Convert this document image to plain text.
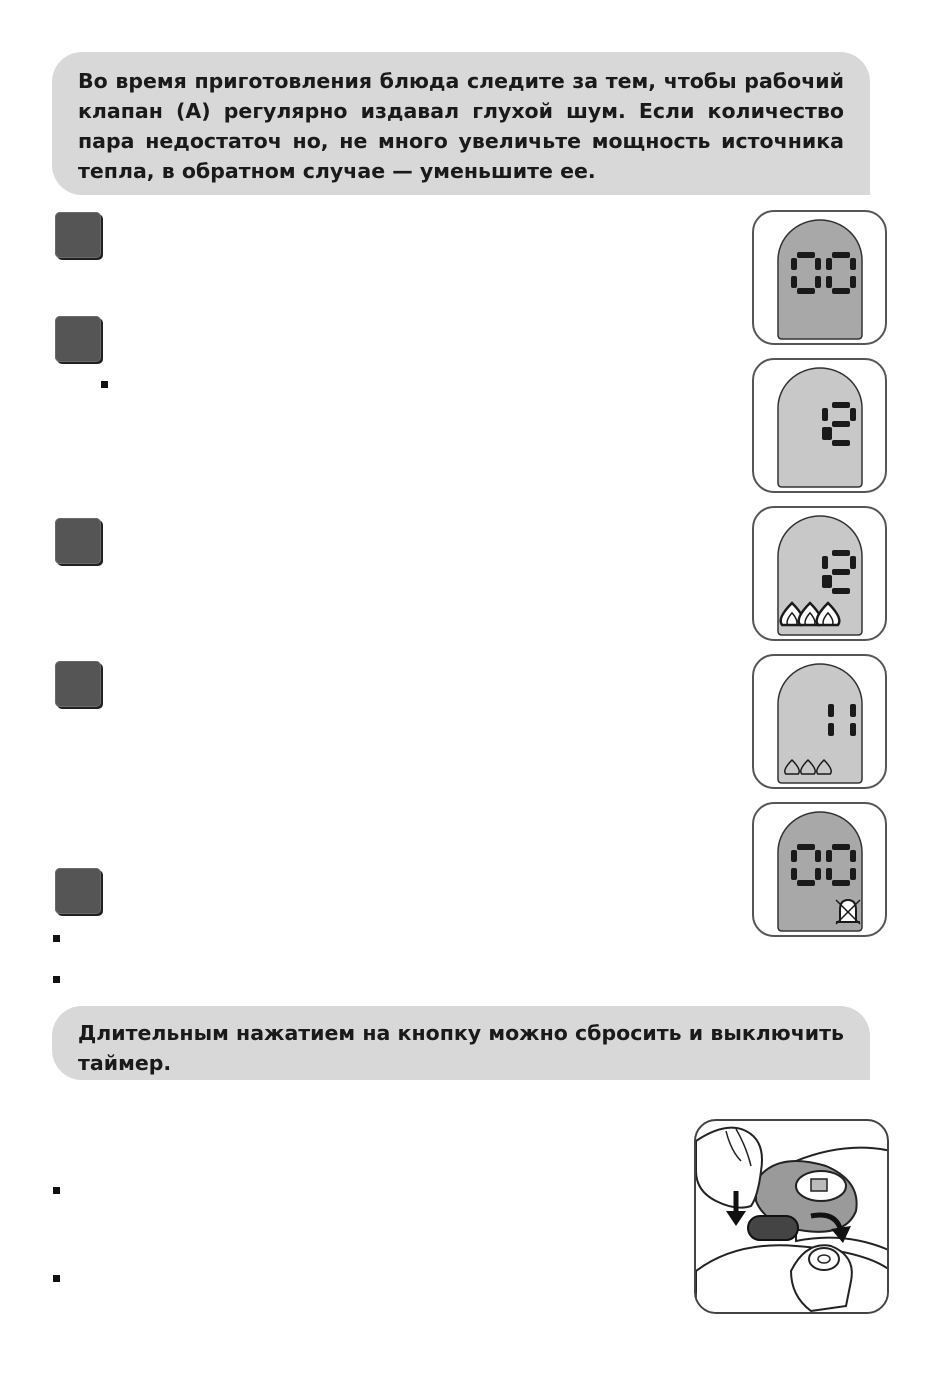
Во время приготовления блюда следите за тем, чтобы рабочий клапан (А) регулярно издавал глухой шум. Если количество пара недостаточ но, не много увеличьте мощность источника тепла, в обратном случае — уменьшите ее.
Длительным нажатием на кнопку можно сбросить и выключить таймер.
